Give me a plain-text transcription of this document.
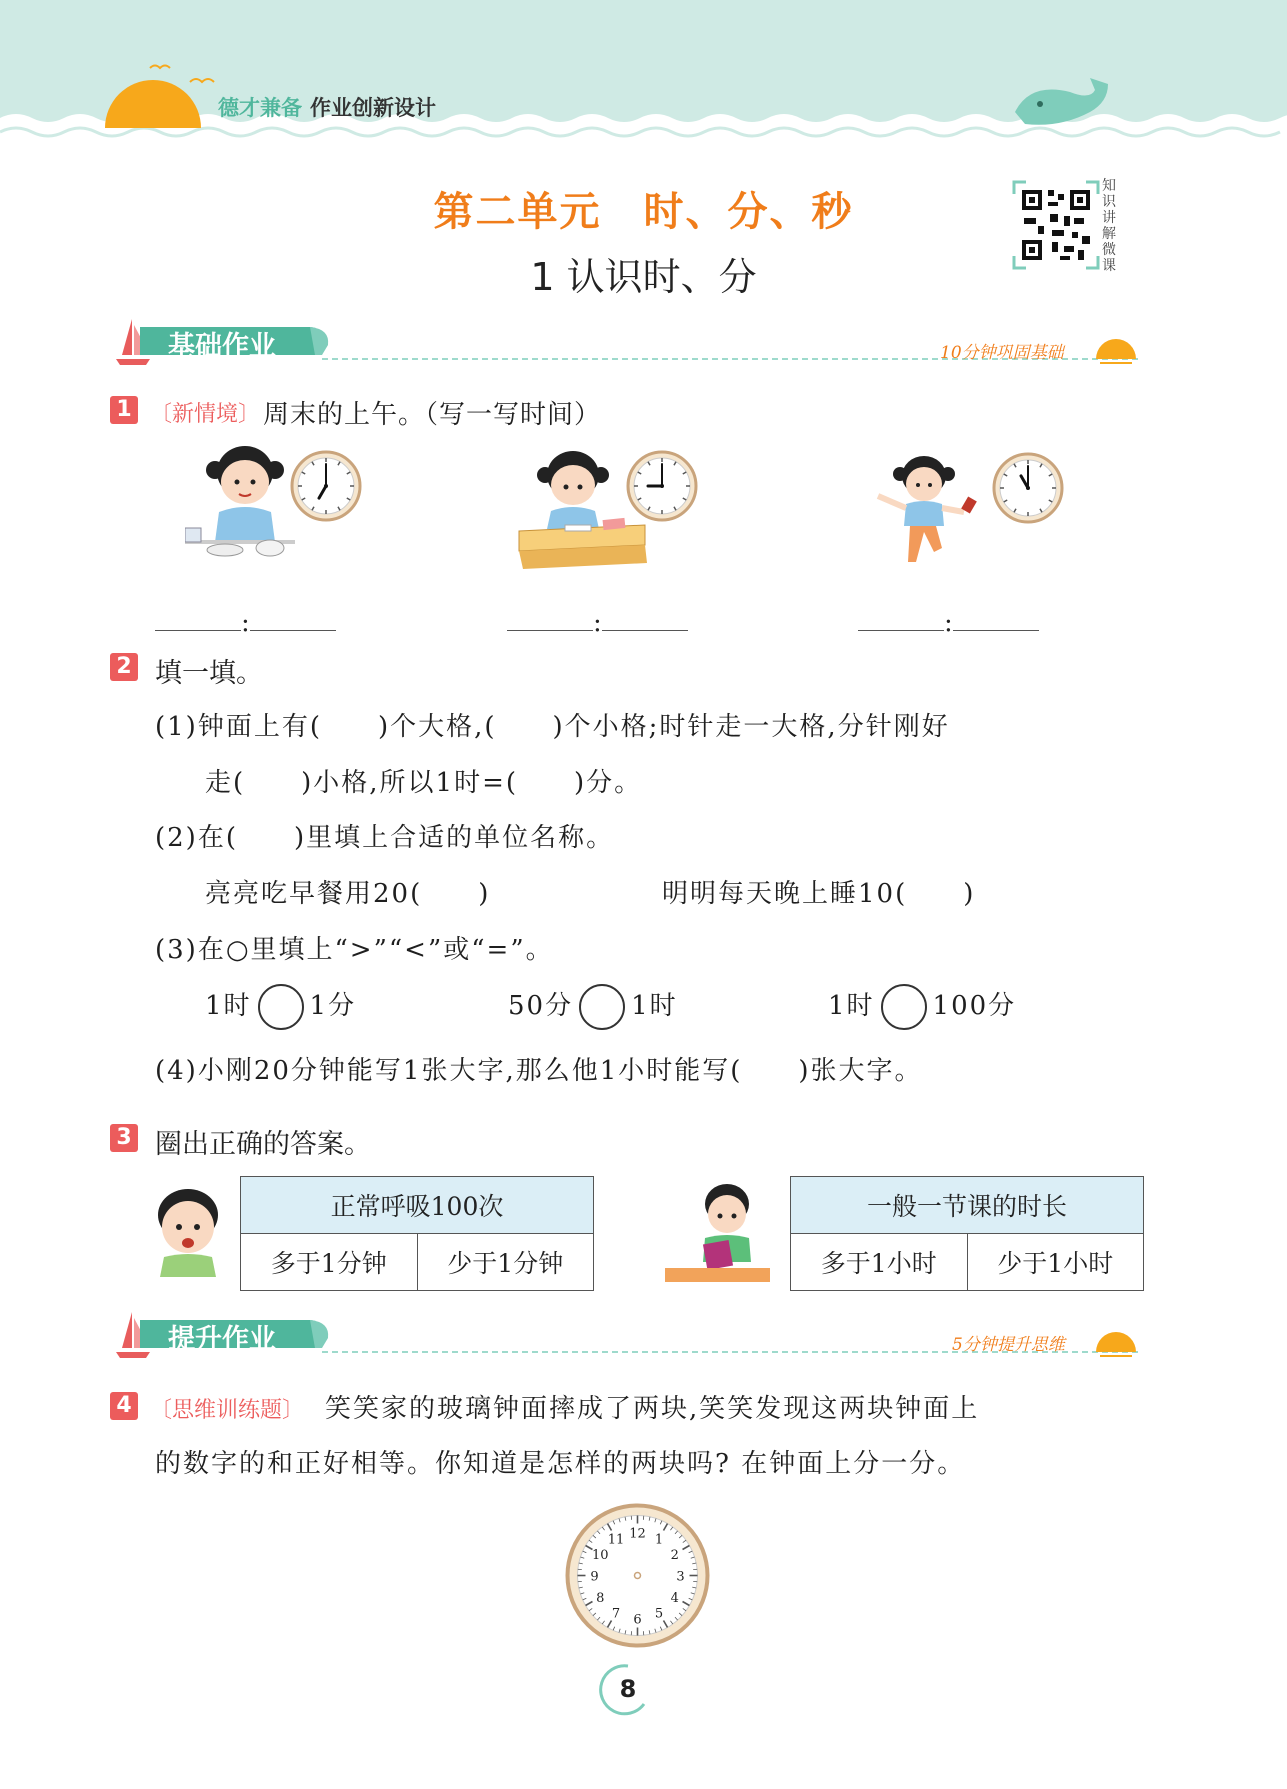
德才兼备 作业创新设计
第二单元　时、分、秒
1 认识时、分
知识讲解微课
基础作业	10分钟巩固基础
1 〔新情境〕 周末的上午。（写一写时间）
:	:	:
2 填一填。
(1)钟面上有(　　)个大格,(　　)个小格;时针走一大格,分针刚好
走(　　)小格,所以1时=(　　)分。
(2)在(　　)里填上合适的单位名称。
亮亮吃早餐用20(　　)	明明每天晚上睡10(　　)
(3)在○里填上“>”“<”或“=”。
1时 1分	50分 1时	1时 100分
(4)小刚20分钟能写1张大字,那么他1小时能写(　　)张大字。
3 圈出正确的答案。
正常呼吸100次
多于1分钟	少于1分钟
一般一节课的时长
多于1小时	少于1小时
提升作业	5分钟提升思维
4 〔思维训练题〕 笑笑家的玻璃钟面摔成了两块,笑笑发现这两块钟面上
的数字的和正好相等。你知道是怎样的两块吗? 在钟面上分一分。
1
2
3
4
5
6
7
8
9
10
11 12
8
